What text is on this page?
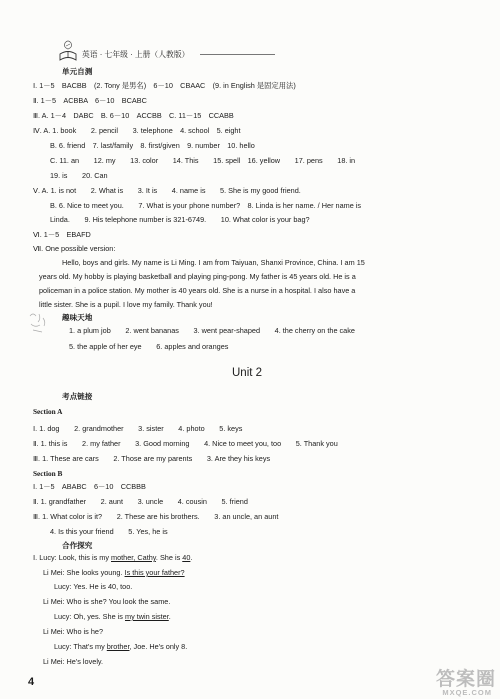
英语 · 七年级 · 上册（人教版）
单元自测
Ⅰ. 1－5　BACBB　(2. Tony 是男名)　6－10　CBAAC　(9. in English 是固定用法)
Ⅱ. 1－5　ACBBA　6－10　BCABC
Ⅲ. A. 1－4　DABC　B. 6－10　ACCBB　C. 11－15　CCABB
Ⅳ. A. 1. book　　2. pencil　　3. telephone　4. school　5. eight
B. 6. friend　7. last/family　8. first/given　9. number　10. hello
C. 11. an　　12. my　　13. color　　14. This　　15. spell　16. yellow　　17. pens　　18. in
19. is　　20. Can
Ⅴ. A. 1. is not　　2. What is　　3. It is　　4. name is　　5. She is my good friend.
B. 6. Nice to meet you.　　7. What is your phone number?　8. Linda is her name. / Her name is
Linda.　　9. His telephone number is 321-6749.　　10. What color is your bag?
Ⅵ. 1－5　EBAFD
Ⅶ. One possible version:
Hello, boys and girls. My name is Li Ming. I am from Taiyuan, Shanxi Province, China. I am 15
years old. My hobby is playing basketball and playing ping-pong. My father is 45 years old. He is a
policeman in a police station. My mother is 40 years old. She is a nurse in a hospital. I also have a
little sister. She is a pupil. I love my family. Thank you!
趣味天地
1. a plum job　　2. went bananas　　3. went pear-shaped　　4. the cherry on the cake
5. the apple of her eye　　6. apples and oranges
Unit 2
考点链接
Section A
Ⅰ. 1. dog　　2. grandmother　　3. sister　　4. photo　　5. keys
Ⅱ. 1. this is　　2. my father　　3. Good morning　　4. Nice to meet you, too　　5. Thank you
Ⅲ. 1. These are cars　　2. Those are my parents　　3. Are they his keys
Section B
Ⅰ. 1－5　ABABC　6－10　CCBBB
Ⅱ. 1. grandfather　　2. aunt　　3. uncle　　4. cousin　　5. friend
Ⅲ. 1. What color is it?　　2. These are his brothers.　　3. an uncle, an aunt
4. Is this your friend　　5. Yes, he is
合作探究
Ⅰ. Lucy: Look, this is my mother, Cathy. She is 40.
Li Mei: She looks young. Is this your father?
Lucy: Yes. He is 40, too.
Li Mei: Who is she? You look the same.
Lucy: Oh, yes. She is my twin sister.
Li Mei: Who is he?
Lucy: That's my brother, Joe. He's only 8.
Li Mei: He's lovely.
4	答案圈
MXQE.COM
